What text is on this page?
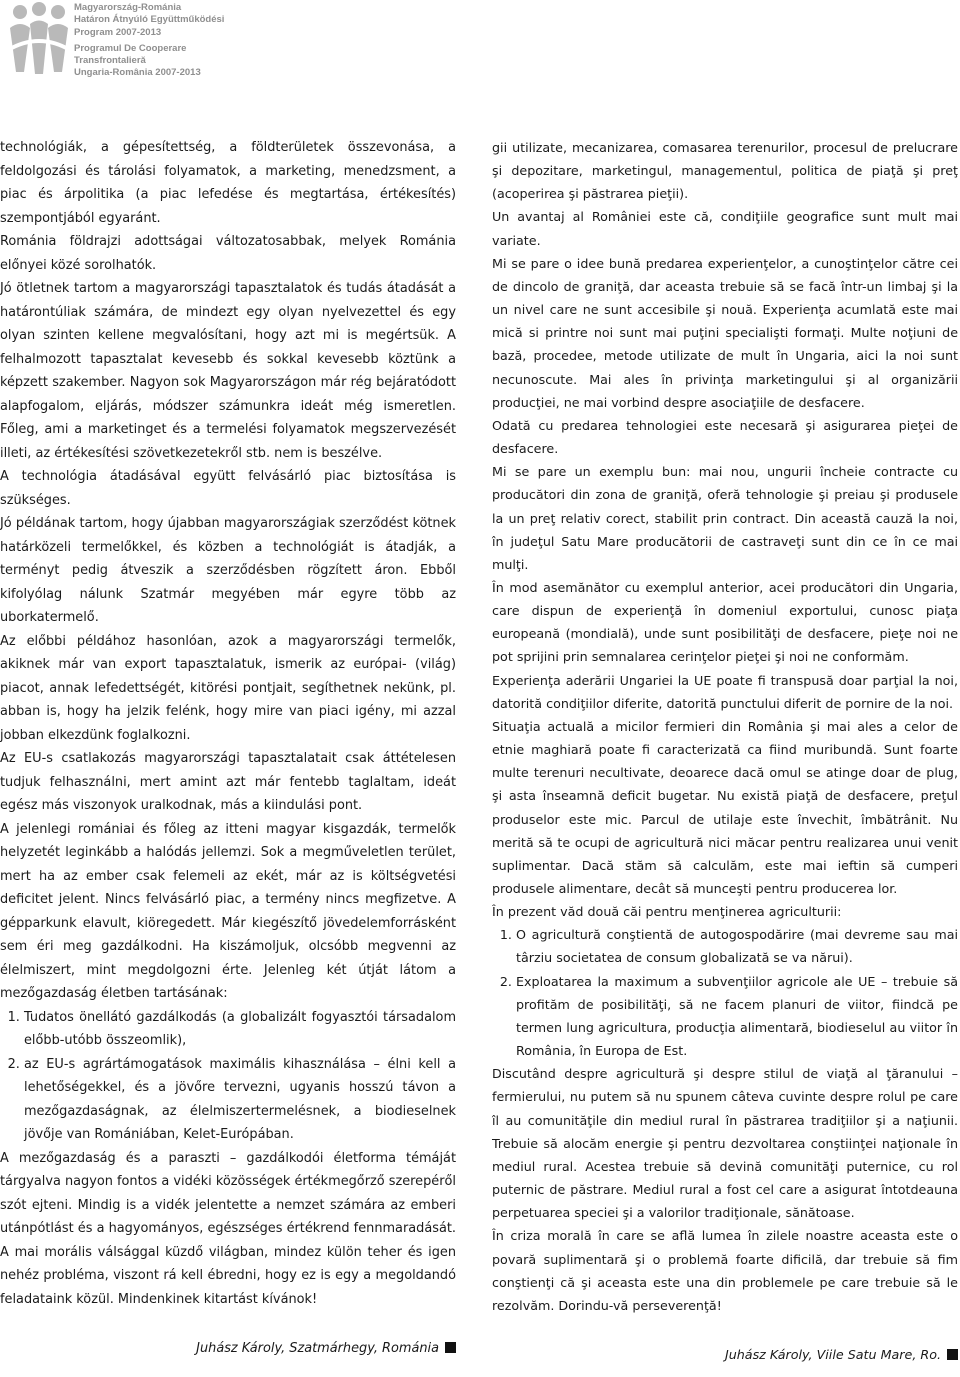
Magyarország-Románia
Határon Átnyúló Együttműködési
Program 2007-2013
Programul De Cooperare
Transfrontalieră
Ungaria-România 2007-2013

technológiák, a gépesítettség, a földterületek összevonása, a feldolgozási és tárolási folyamatok, a marketing, menedzsment, a piac és árpolitika (a piac lefedése és megtartása, értékesítés) szempontjából egyaránt.

Románia földrajzi adottságai változatosabbak, melyek Románia előnyei közé sorolhatók.

Jó ötletnek tartom a magyarországi tapasztalatok és tudás átadását a határontúliak számára, de mindezt egy olyan nyelvezettel és egy olyan szinten kellene megvalósítani, hogy azt mi is megértsük. A felhalmozott tapasztalat kevesebb és sokkal kevesebb köztünk a képzett szakember. Nagyon sok Magyarországon már rég bejáratódott alapfogalom, eljárás, módszer számunkra ideát még ismeretlen. Főleg, ami a marketinget és a termelési folyamatok megszervezését illeti, az értékesítési szövetkezetekről stb. nem is beszélve.

A technológia átadásával együtt felvásárló piac biztosítása is szükséges.

Jó példának tartom, hogy újabban magyarországiak szerződést kötnek határközeli termelőkkel, és közben a technológiát is átadják, a terményt pedig átveszik a szerződésben rögzített áron. Ebből kifolyólag nálunk Szatmár megyében már egyre több az uborkatermelő.

Az előbbi példához hasonlóan, azok a magyarországi termelők, akiknek már van export tapasztalatuk, ismerik az európai- (világ) piacot, annak lefedettségét, kitörési pontjait, segíthetnek nekünk, pl. abban is, hogy ha jelzik felénk, hogy mire van piaci igény, mi azzal jobban elkezdünk foglalkozni.

Az EU-s csatlakozás magyarországi tapasztalatait csak áttételesen tudjuk felhasználni, mert amint azt már fentebb taglaltam, ideát egész más viszonyok uralkodnak, más a kiindulási pont.

A jelenlegi romániai és főleg az itteni magyar kisgazdák, termelők helyzetét leginkább a halódás jellemzi. Sok a megműveletlen terület, mert ha az ember csak felemeli az ekét, már az is költségvetési deficitet jelent. Nincs felvásárló piac, a termény nincs megfizetve. A gépparkunk elavult, kiöregedett. Már kiegészítő jövedelemforrásként sem éri meg gazdálkodni. Ha kiszámoljuk, olcsóbb megvenni az élelmiszert, mint megdolgozni érte. Jelenleg két útját látom a mezőgazdaság életben tartásának:

1. Tudatos önellátó gazdálkodás (a globalizált fogyasztói társadalom előbb-utóbb összeomlik),
2. az EU-s agrártámogatások maximális kihasználása – élni kell a lehetőségekkel, és a jövőre tervezni, ugyanis hosszú távon a mezőgazdaságnak, az élelmiszertermelésnek, a biodieselnek jövője van Romániában, Kelet-Európában.

A mezőgazdaság és a paraszti – gazdálkodói életforma témáját tárgyalva nagyon fontos a vidéki közösségek értékmegőrző szerepéről szót ejteni. Mindig is a vidék jelentette a nemzet számára az emberi utánpótlást és a hagyományos, egészséges értékrend fennmaradását. A mai morális válsággal küzdő világban, mindez külön teher és igen nehéz probléma, viszont rá kell ébredni, hogy ez is egy a megoldandó feladataink közül. Mindenkinek kitartást kívánok!

Juhász Károly, Szatmárhegy, Románia

gii utilizate, mecanizarea, comasarea terenurilor, procesul de prelucrare şi depozitare, marketingul, managementul, politica de piaţă şi preţ (acoperirea şi păstrarea pieţii).

Un avantaj al României este că, condiţiile geografice sunt mult mai variate.

Mi se pare o idee bună predarea experienţelor, a cunoştinţelor către cei de dincolo de graniţă, dar aceasta trebuie să se facă într-un limbaj şi la un nivel care ne sunt accesibile şi nouă. Experienţa acumlată este mai mică si printre noi sunt mai puţini specialişti formaţi. Multe noţiuni de bază, procedee, metode utilizate de mult în Ungaria, aici la noi sunt necunoscute. Mai ales în privinţa marketingului şi al organizării producţiei, ne mai vorbind despre asociaţiile de desfacere.

Odată cu predarea tehnologiei este necesară şi asigurarea pieţei de desfacere.

Mi se pare un exemplu bun: mai nou, ungurii încheie contracte cu producători din zona de graniţă, oferă tehnologie şi preiau şi produsele la un preţ relativ corect, stabilit prin contract. Din această cauză la noi, în judeţul Satu Mare producătorii de castraveţi sunt din ce în ce mai mulţi.

În mod asemănător cu exemplul anterior, acei producători din Ungaria, care dispun de experienţă în domeniul exportului, cunosc piaţa europeană (mondială), unde sunt posibilităţi de desfacere, pieţe noi ne pot sprijini prin semnalarea cerinţelor pieţei şi noi ne conformăm.

Experienţa aderării Ungariei la UE poate fi transpusă doar parţial la noi, datorită condiţiilor diferite, datorită punctului diferit de pornire de la noi.

Situaţia actuală a micilor fermieri din România şi mai ales a celor de etnie maghiară poate fi caracterizată ca fiind muribundă. Sunt foarte multe terenuri necultivate, deoarece dacă omul se atinge doar de plug, şi asta înseamnă deficit bugetar. Nu există piaţă de desfacere, preţul produselor este mic. Parcul de utilaje este învechit, îmbătrânit. Nu merită să te ocupi de agricultură nici măcar pentru realizarea unui venit suplimentar. Dacă stăm să calculăm, este mai ieftin să cumperi produsele alimentare, decât să munceşti pentru producerea lor.

În prezent văd două căi pentru menţinerea agriculturii:

1. O agricultură conştientă de autogospodărire (mai devreme sau mai târziu societatea de consum globalizată se va nărui).
2. Exploatarea la maximum a subvenţiilor agricole ale UE – trebuie să profităm de posibilităţi, să ne facem planuri de viitor, fiindcă pe termen lung agricultura, producţia alimentară, biodieselul au viitor în România, în Europa de Est.

Discutând despre agricultură şi despre stilul de viaţă al ţăranului – fermierului, nu putem să nu spunem câteva cuvinte despre rolul pe care îl au comunităţile din mediul rural în păstrarea tradiţiilor şi a naţiunii. Trebuie să alocăm energie şi pentru dezvoltarea conştiinţei naţionale în mediul rural. Acestea trebuie să devină comunităţi puternice, cu rol puternic de păstrare. Mediul rural a fost cel care a asigurat întotdeauna perpetuarea speciei şi a valorilor tradiţionale, sănătoase.

În criza morală în care se află lumea în zilele noastre aceasta este o povară suplimentară şi o problemă foarte dificilă, dar trebuie să fim conştienţi că şi aceasta este una din problemele pe care trebuie să le rezolvăm. Dorindu-vă perseverenţă!

Juhász Károly, Viile Satu Mare, Ro.
